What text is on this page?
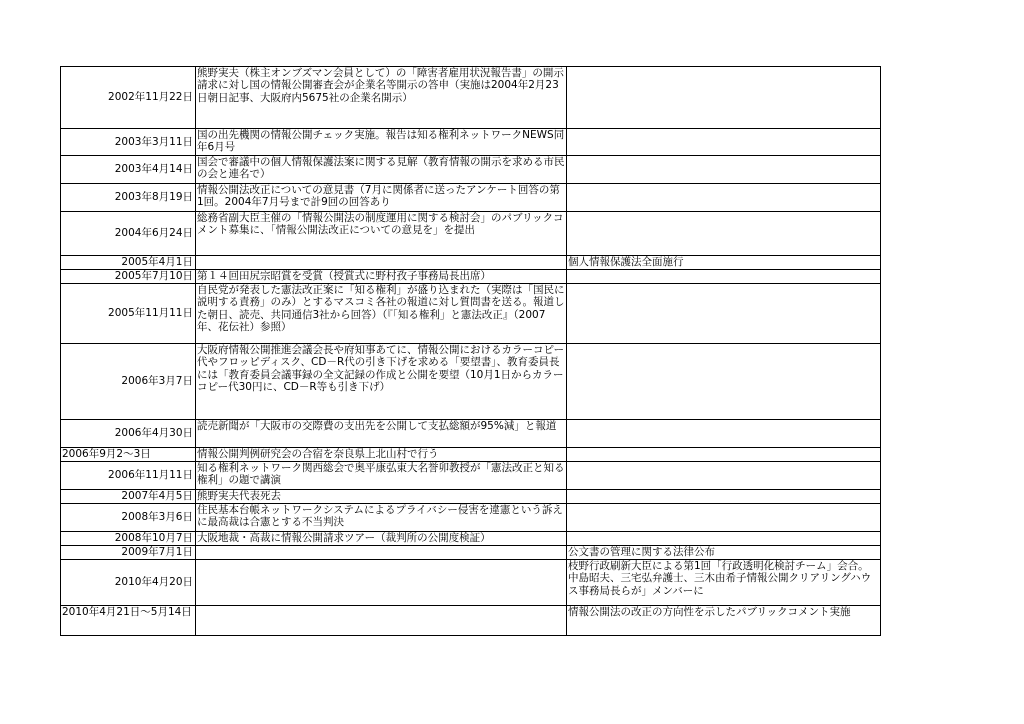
2002年11月22日	熊野実夫（株主オンブズマン会員として）の「障害者雇用状況報告書」の開示請求に対し国の情報公開審査会が企業名等開示の答申（実施は2004年2月23日朝日記事、大阪府内5675社の企業名開示）	
2003年3月11日	国の出先機関の情報公開チェック実施。報告は知る権利ネットワークNEWS同年6月号	
2003年4月14日	国会で審議中の個人情報保護法案に関する見解（教育情報の開示を求める市民の会と連名で）	
2003年8月19日	情報公開法改正についての意見書（7月に関係者に送ったアンケート回答の第1回。2004年7月号まで計9回の回答あり	
2004年6月24日	総務省副大臣主催の「情報公開法の制度運用に関する検討会」のパブリックコメント募集に、「情報公開法改正についての意見を」を提出	
2005年4月1日		個人情報保護法全面施行
2005年7月10日	第１４回田尻宗昭賞を受賞（授賞式に野村孜子事務局長出席）	
2005年11月11日	自民党が発表した憲法改正案に「知る権利」が盛り込まれた（実際は「国民に説明する責務」のみ）とするマスコミ各社の報道に対し質問書を送る。報道した朝日、読売、共同通信3社から回答）（『「知る権利」と憲法改正』（2007年、花伝社）参照）	
2006年3月7日	大阪府情報公開推進会議会長や府知事あてに、情報公開におけるカラーコピー代やフロッピディスク、CD－R代の引き下げを求める「要望書」、教育委員長には「教育委員会議事録の全文記録の作成と公開を要望（10月1日からカラーコピー代30円に、CD－R等も引き下げ）	
2006年4月30日	読売新聞が「大阪市の交際費の支出先を公開して支払総額が95%減」と報道	
2006年9月2～3日	情報公開判例研究会の合宿を奈良県上北山村で行う	
2006年11月11日	知る権利ネットワーク関西総会で奥平康弘東大名誉卯教授が「憲法改正と知る権利」の題で講演	
2007年4月5日	熊野実夫代表死去	
2008年3月6日	住民基本台帳ネットワークシステムによるプライバシー侵害を違憲という訴えに最高裁は合憲とする不当判決	
2008年10月7日	大阪地裁・高裁に情報公開請求ツアー（裁判所の公開度検証）	
2009年7月1日		公文書の管理に関する法律公布
2010年4月20日		枝野行政刷新大臣による第1回「行政透明化検討チーム」会合。中島昭夫、三宅弘弁護士、三木由希子情報公開クリアリングハウス事務局長らが」メンバーに
2010年4月21日～5月14日		情報公開法の改正の方向性を示したパブリックコメント実施
